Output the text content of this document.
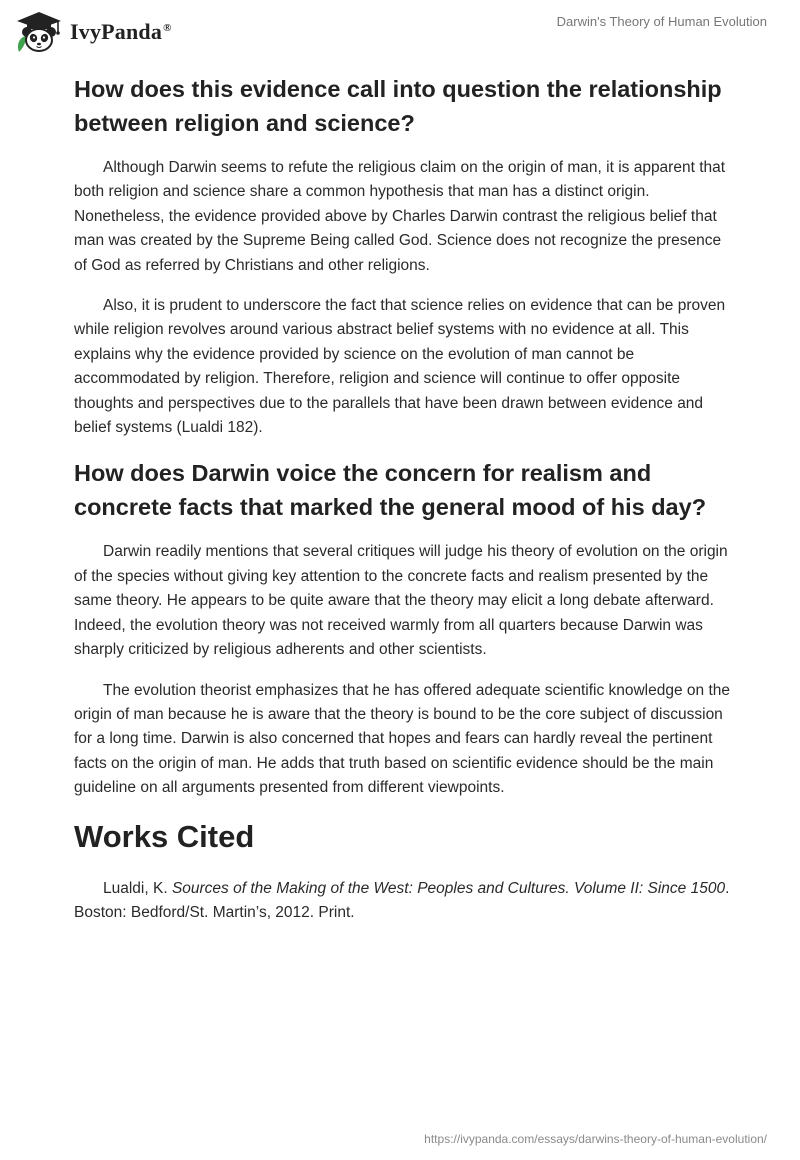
IvyPanda®	Darwin's Theory of Human Evolution
How does this evidence call into question the relationship between religion and science?

Although Darwin seems to refute the religious claim on the origin of man, it is apparent that both religion and science share a common hypothesis that man has a distinct origin. Nonetheless, the evidence provided above by Charles Darwin contrast the religious belief that man was created by the Supreme Being called God. Science does not recognize the presence of God as referred by Christians and other religions.

Also, it is prudent to underscore the fact that science relies on evidence that can be proven while religion revolves around various abstract belief systems with no evidence at all. This explains why the evidence provided by science on the evolution of man cannot be accommodated by religion. Therefore, religion and science will continue to offer opposite thoughts and perspectives due to the parallels that have been drawn between evidence and belief systems (Lualdi 182).

How does Darwin voice the concern for realism and concrete facts that marked the general mood of his day?

Darwin readily mentions that several critiques will judge his theory of evolution on the origin of the species without giving key attention to the concrete facts and realism presented by the same theory. He appears to be quite aware that the theory may elicit a long debate afterward. Indeed, the evolution theory was not received warmly from all quarters because Darwin was sharply criticized by religious adherents and other scientists.

The evolution theorist emphasizes that he has offered adequate scientific knowledge on the origin of man because he is aware that the theory is bound to be the core subject of discussion for a long time. Darwin is also concerned that hopes and fears can hardly reveal the pertinent facts on the origin of man. He adds that truth based on scientific evidence should be the main guideline on all arguments presented from different viewpoints.

Works Cited

Lualdi, K. Sources of the Making of the West: Peoples and Cultures. Volume II: Since 1500. Boston: Bedford/St. Martin’s, 2012. Print.

https://ivypanda.com/essays/darwins-theory-of-human-evolution/
